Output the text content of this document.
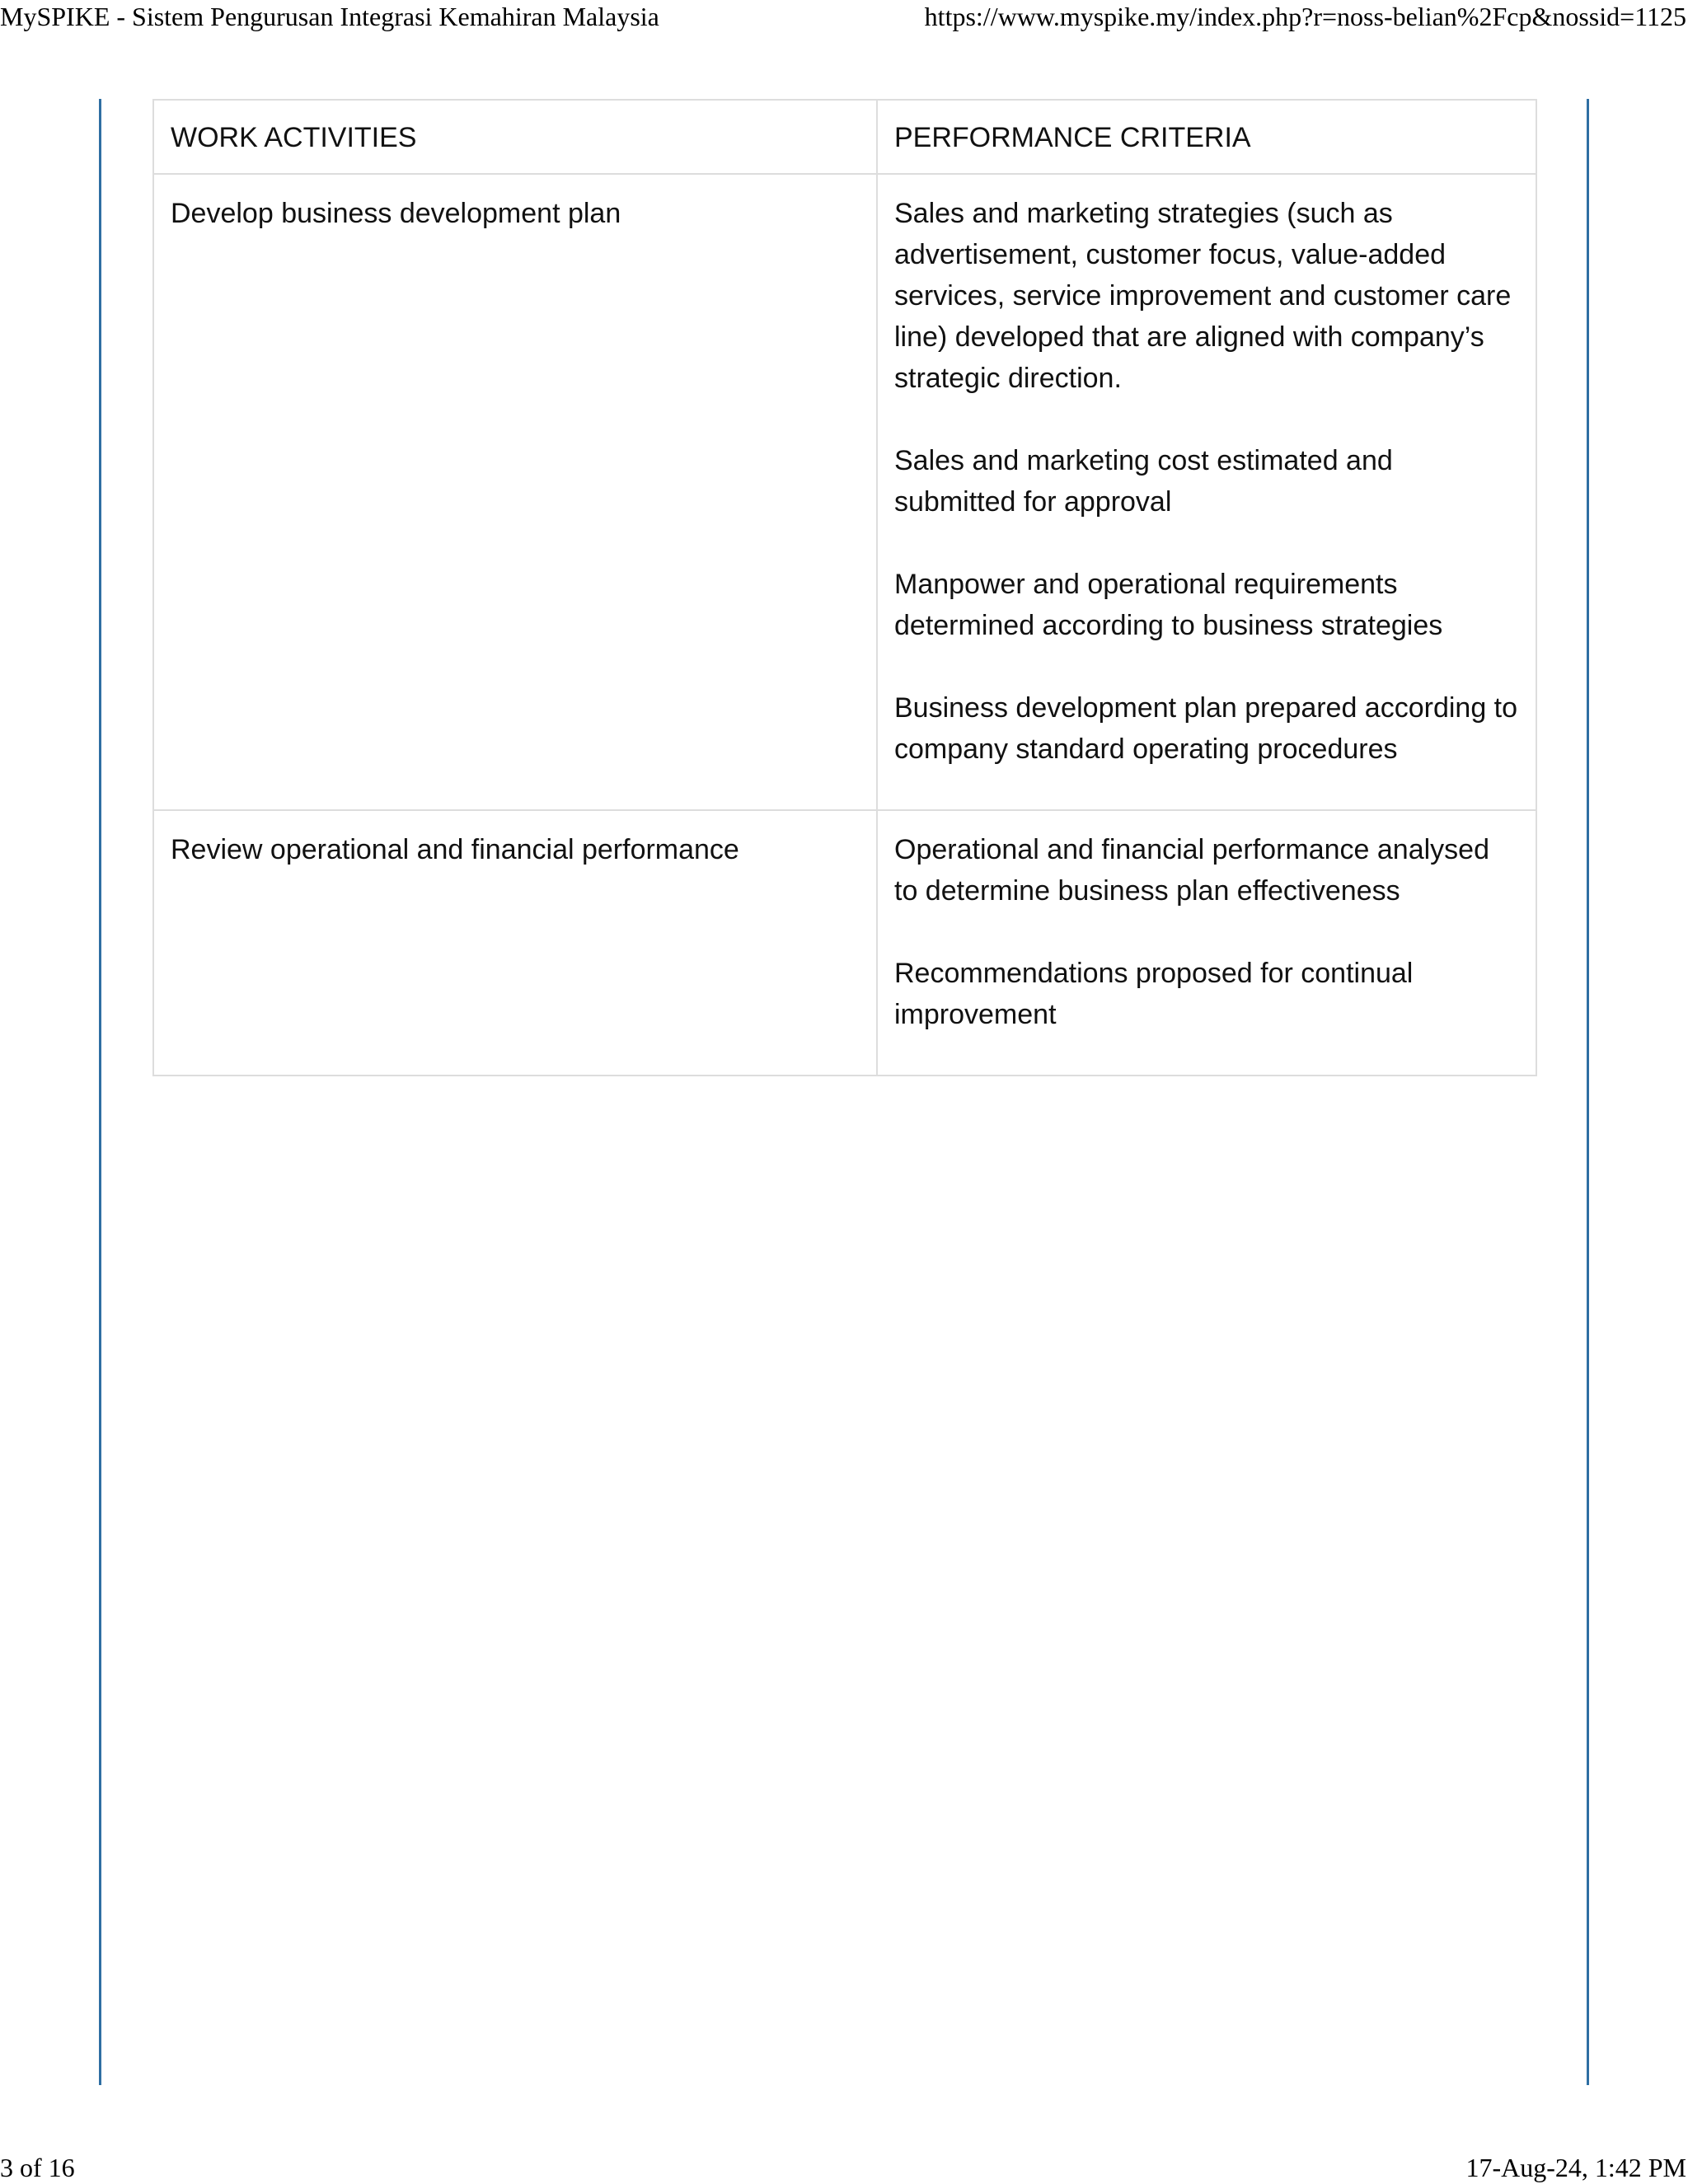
MySPIKE - Sistem Pengurusan Integrasi Kemahiran Malaysia	https://www.myspike.my/index.php?r=noss-belian%2Fcp&nossid=1125
WORK ACTIVITIES	PERFORMANCE CRITERIA
Develop business development plan	Sales and marketing strategies (such as advertisement, customer focus, value-added services, service improvement and customer care line) developed that are aligned with company’s strategic direction.

Sales and marketing cost estimated and submitted for approval

Manpower and operational requirements determined according to business strategies

Business development plan prepared according to company standard operating procedures

Review operational and financial performance	Operational and financial performance analysed to determine business plan effectiveness

Recommendations proposed for continual improvement

3 of 16	17-Aug-24, 1:42 PM
